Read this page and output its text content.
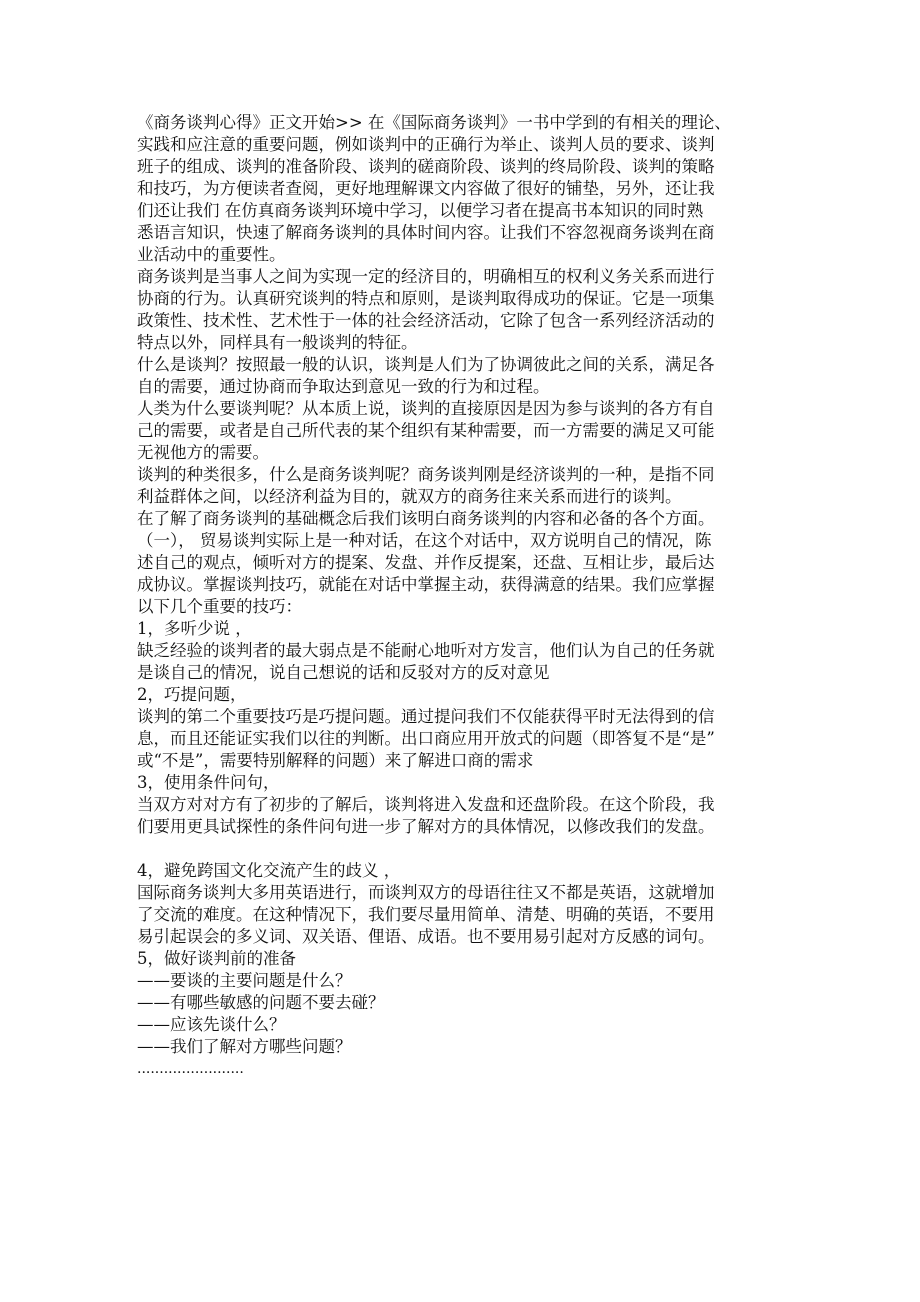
《商务谈判心得》正文开始>> 在《国际商务谈判》一书中学到的有相关的理论、
实践和应注意的重要问题，例如谈判中的正确行为举止、谈判人员的要求、谈判
班子的组成、谈判的准备阶段、谈判的磋商阶段、谈判的终局阶段、谈判的策略
和技巧，为方便读者查阅，更好地理解课文内容做了很好的铺垫，另外，还让我
们还让我们 在仿真商务谈判环境中学习，以便学习者在提高书本知识的同时熟
悉语言知识，快速了解商务谈判的具体时间内容。让我们不容忽视商务谈判在商
业活动中的重要性。
商务谈判是当事人之间为实现一定的经济目的，明确相互的权利义务关系而进行
协商的行为。认真研究谈判的特点和原则，是谈判取得成功的保证。它是一项集
政策性、技术性、艺术性于一体的社会经济活动，它除了包含一系列经济活动的
特点以外，同样具有一般谈判的特征。
什么是谈判？按照最一般的认识，谈判是人们为了协调彼此之间的关系，满足各
自的需要，通过协商而争取达到意见一致的行为和过程。
人类为什么要谈判呢？从本质上说，谈判的直接原因是因为参与谈判的各方有自
己的需要，或者是自己所代表的某个组织有某种需要，而一方需要的满足又可能
无视他方的需要。
谈判的种类很多，什么是商务谈判呢？商务谈判刚是经济谈判的一种，是指不同
利益群体之间，以经济利益为目的，就双方的商务往来关系而进行的谈判。
在了解了商务谈判的基础概念后我们该明白商务谈判的内容和必备的各个方面。
（一）， 贸易谈判实际上是一种对话，在这个对话中，双方说明自己的情况，陈
述自己的观点，倾听对方的提案、发盘、并作反提案，还盘、互相让步，最后达
成协议。掌握谈判技巧，就能在对话中掌握主动，获得满意的结果。我们应掌握
以下几个重要的技巧：
1，多听少说 ，
缺乏经验的谈判者的最大弱点是不能耐心地听对方发言，他们认为自己的任务就
是谈自己的情况，说自己想说的话和反驳对方的反对意见
2，巧提问题，
谈判的第二个重要技巧是巧提问题。通过提问我们不仅能获得平时无法得到的信
息，而且还能证实我们以往的判断。出口商应用开放式的问题（即答复不是“是”
或“不是”，需要特别解释的问题）来了解进口商的需求
3，使用条件问句，
当双方对对方有了初步的了解后，谈判将进入发盘和还盘阶段。在这个阶段，我
们要用更具试探性的条件问句进一步了解对方的具体情况，以修改我们的发盘。
4，避免跨国文化交流产生的歧义 ，
国际商务谈判大多用英语进行，而谈判双方的母语往往又不都是英语，这就增加
了交流的难度。在这种情况下，我们要尽量用简单、清楚、明确的英语，不要用
易引起误会的多义词、双关语、俚语、成语。也不要用易引起对方反感的词句。
5，做好谈判前的准备
——要谈的主要问题是什么？
——有哪些敏感的问题不要去碰？
——应该先谈什么？
——我们了解对方哪些问题？
........................
